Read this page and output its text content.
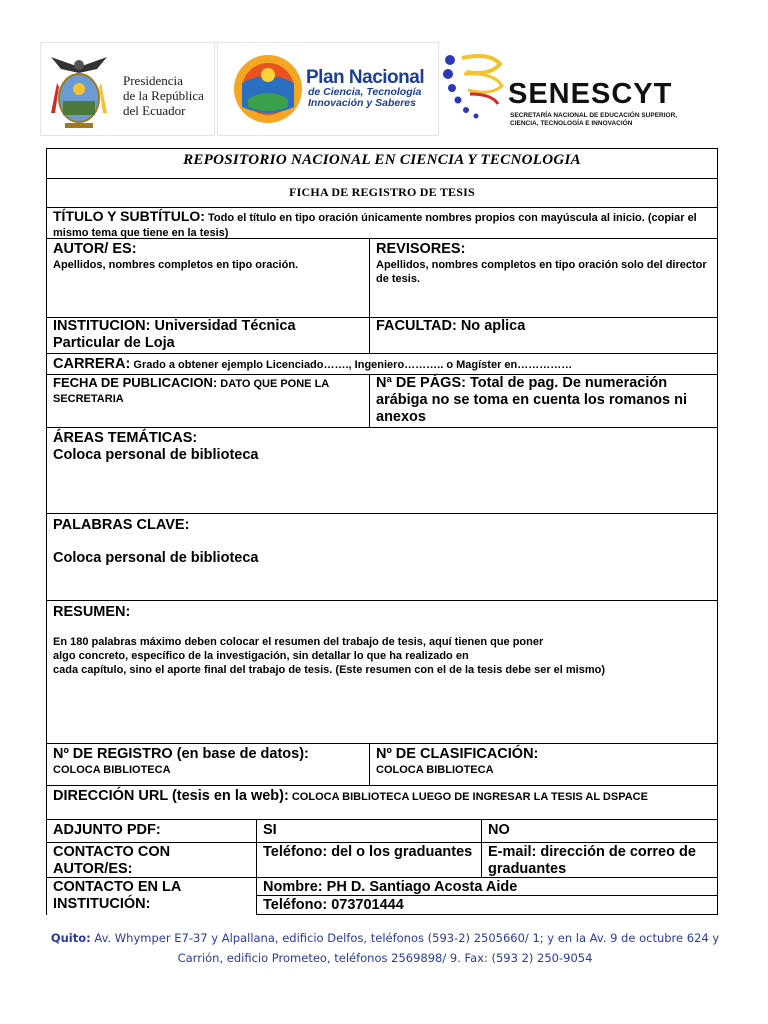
Presidencia
de la República
del Ecuador
Plan Nacional
de Ciencia, Tecnología
Innovación y Saberes	SENESCYT
SECRETARÍA NACIONAL DE EDUCACIÓN SUPERIOR, CIENCIA, TECNOLOGÍA E INNOVACIÓN
REPOSITORIO NACIONAL EN CIENCIA Y TECNOLOGIA
FICHA DE REGISTRO DE TESIS
TÍTULO Y SUBTÍTULO: Todo el título en tipo oración únicamente nombres propios con mayúscula al inicio. (copiar el mismo tema que tiene en la tesis)
AUTOR/ ES:
Apellidos, nombres completos en tipo oración.
REVISORES:
Apellidos, nombres completos en tipo oración solo del director de tesis.
INSTITUCION: Universidad Técnica Particular de Loja
FACULTAD: No aplica
CARRERA: Grado a obtener ejemplo Licenciado……., Ingeniero……….. o Magíster en……………
FECHA DE PUBLICACION: DATO QUE PONE LA SECRETARIA
Nª DE PÁGS: Total de pag. De numeración arábiga no se toma en cuenta los romanos ni anexos
ÁREAS TEMÁTICAS:
Coloca personal de biblioteca
PALABRAS CLAVE:
Coloca personal de biblioteca
RESUMEN:
En 180 palabras máximo deben colocar el resumen del trabajo de tesis, aquí tienen que poner
algo concreto, específico de la investigación, sin detallar lo que ha realizado en
cada capítulo, sino el aporte final del trabajo de tesis. (Este resumen con el de la tesis debe ser el mismo)
Nº DE REGISTRO (en base de datos):
COLOCA BIBLIOTECA
Nº DE CLASIFICACIÓN:
COLOCA BIBLIOTECA
DIRECCIÓN URL (tesis en la web): COLOCA BIBLIOTECA LUEGO DE INGRESAR LA TESIS AL DSPACE
ADJUNTO PDF:	SI	NO
CONTACTO CON AUTOR/ES:
Teléfono: del o los graduantes	E-mail: dirección de correo de graduantes
CONTACTO EN LA INSTITUCIÓN:
Nombre: PH D. Santiago Acosta Aide
Teléfono: 073701444
Quito: Av. Whymper E7-37 y Alpallana, edificio Delfos, teléfonos (593-2) 2505660/ 1; y en la Av. 9 de octubre 624 y
Carrión, edificio Prometeo, teléfonos 2569898/ 9. Fax: (593 2) 250-9054
